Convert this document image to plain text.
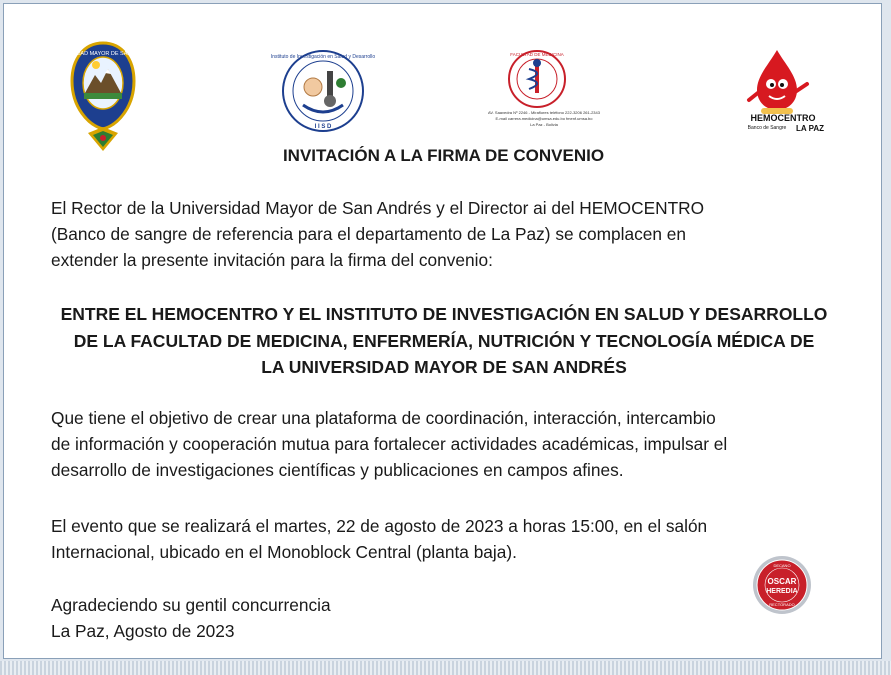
UNIVERSIDAD MAYOR DE SAN ANDRES	Instituto de Investigación en Salud y Desarrollo
I I S D
FACULTAD DE MEDICINA
AV. Saavedra Nº 2246 - Miraflores teléfono 222-3206 261-2343
E-mail carrera.medicina@umsa.edu.bo fmenf.umsa.bo
La Paz - Bolivia
HEMOCENTRO
Banco de Sangre LA PAZ
INVITACIÓN A LA FIRMA DE CONVENIO

El Rector de la Universidad Mayor de San Andrés y el Director ai del HEMOCENTRO
(Banco de sangre de referencia para el departamento de La Paz) se complacen en
extender la presente invitación para la firma del convenio:

ENTRE EL HEMOCENTRO Y EL INSTITUTO DE INVESTIGACIÓN EN SALUD Y DESARROLLO
DE LA FACULTAD DE MEDICINA, ENFERMERÍA, NUTRICIÓN Y TECNOLOGÍA MÉDICA DE
LA UNIVERSIDAD MAYOR DE SAN ANDRÉS

Que tiene el objetivo de crear una plataforma de coordinación, interacción, intercambio
de información y cooperación mutua para fortalecer actividades académicas, impulsar el
desarrollo de investigaciones científicas y publicaciones en campos afines.

El evento que se realizará el martes, 22 de agosto de 2023 a horas 15:00, en el salón
Internacional, ubicado en el Monoblock Central (planta baja).

Agradeciendo su gentil concurrencia
La Paz, Agosto de 2023

DECANO
OSCAR
HEREDIA
RECTORADO
